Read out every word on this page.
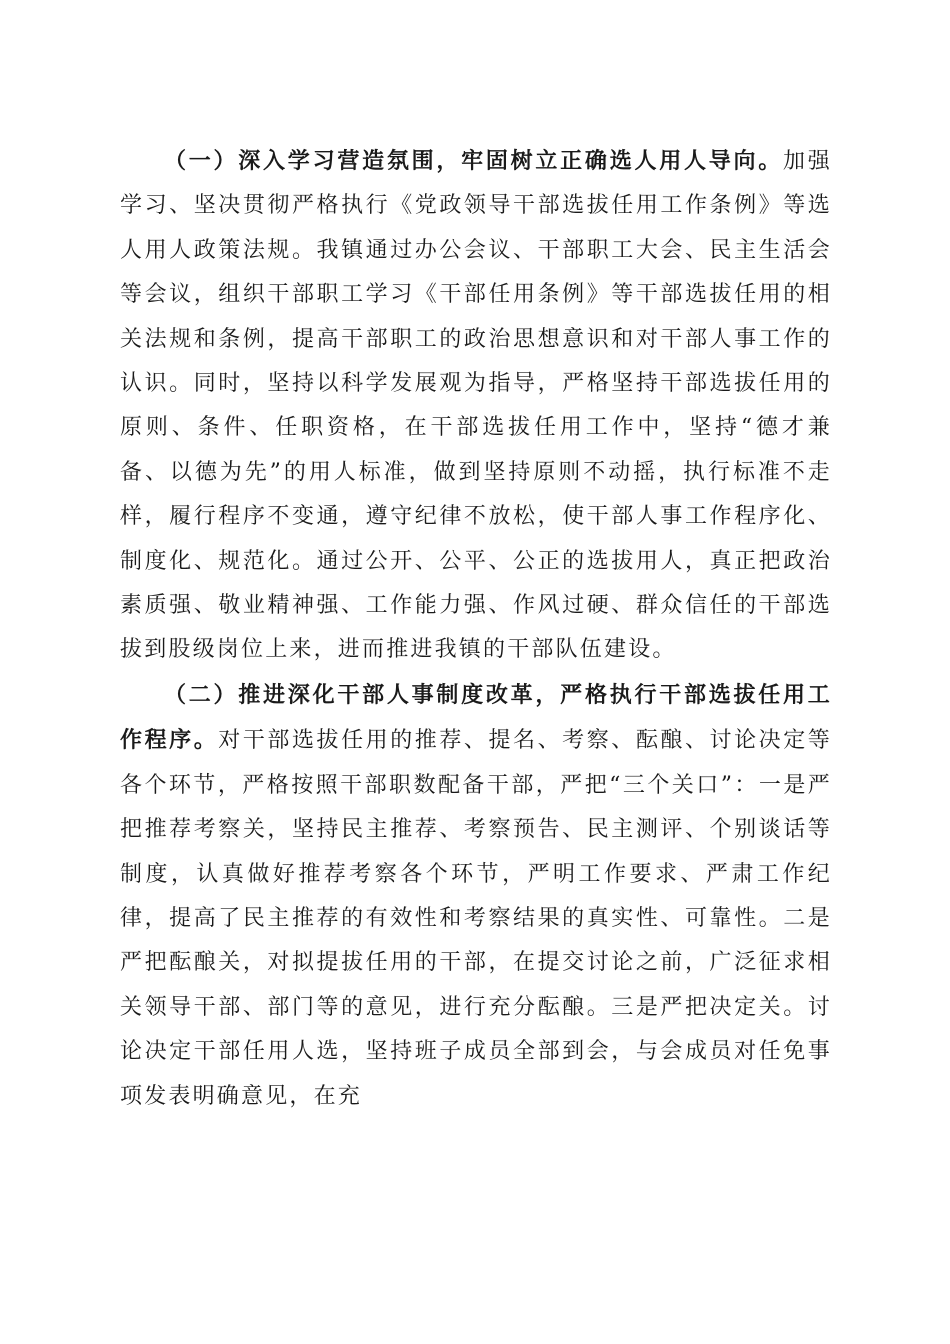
（一）深入学习营造氛围，牢固树立正确选人用人导向。加强学习、坚决贯彻严格执行《党政领导干部选拔任用工作条例》等选人用人政策法规。我镇通过办公会议、干部职工大会、民主生活会等会议，组织干部职工学习《干部任用条例》等干部选拔任用的相关法规和条例，提高干部职工的政治思想意识和对干部人事工作的认识。同时，坚持以科学发展观为指导，严格坚持干部选拔任用的原则、条件、任职资格，在干部选拔任用工作中，坚持“德才兼备、以德为先”的用人标准，做到坚持原则不动摇，执行标准不走样，履行程序不变通，遵守纪律不放松，使干部人事工作程序化、制度化、规范化。通过公开、公平、公正的选拔用人，真正把政治素质强、敬业精神强、工作能力强、作风过硬、群众信任的干部选拔到股级岗位上来，进而推进我镇的干部队伍建设。

（二）推进深化干部人事制度改革，严格执行干部选拔任用工作程序。对干部选拔任用的推荐、提名、考察、酝酿、讨论决定等各个环节，严格按照干部职数配备干部，严把“三个关口”：一是严把推荐考察关，坚持民主推荐、考察预告、民主测评、个别谈话等制度，认真做好推荐考察各个环节，严明工作要求、严肃工作纪律，提高了民主推荐的有效性和考察结果的真实性、可靠性。二是严把酝酿关，对拟提拔任用的干部，在提交讨论之前，广泛征求相关领导干部、部门等的意见，进行充分酝酿。三是严把决定关。讨论决定干部任用人选，坚持班子成员全部到会，与会成员对任免事项发表明确意见，在充
